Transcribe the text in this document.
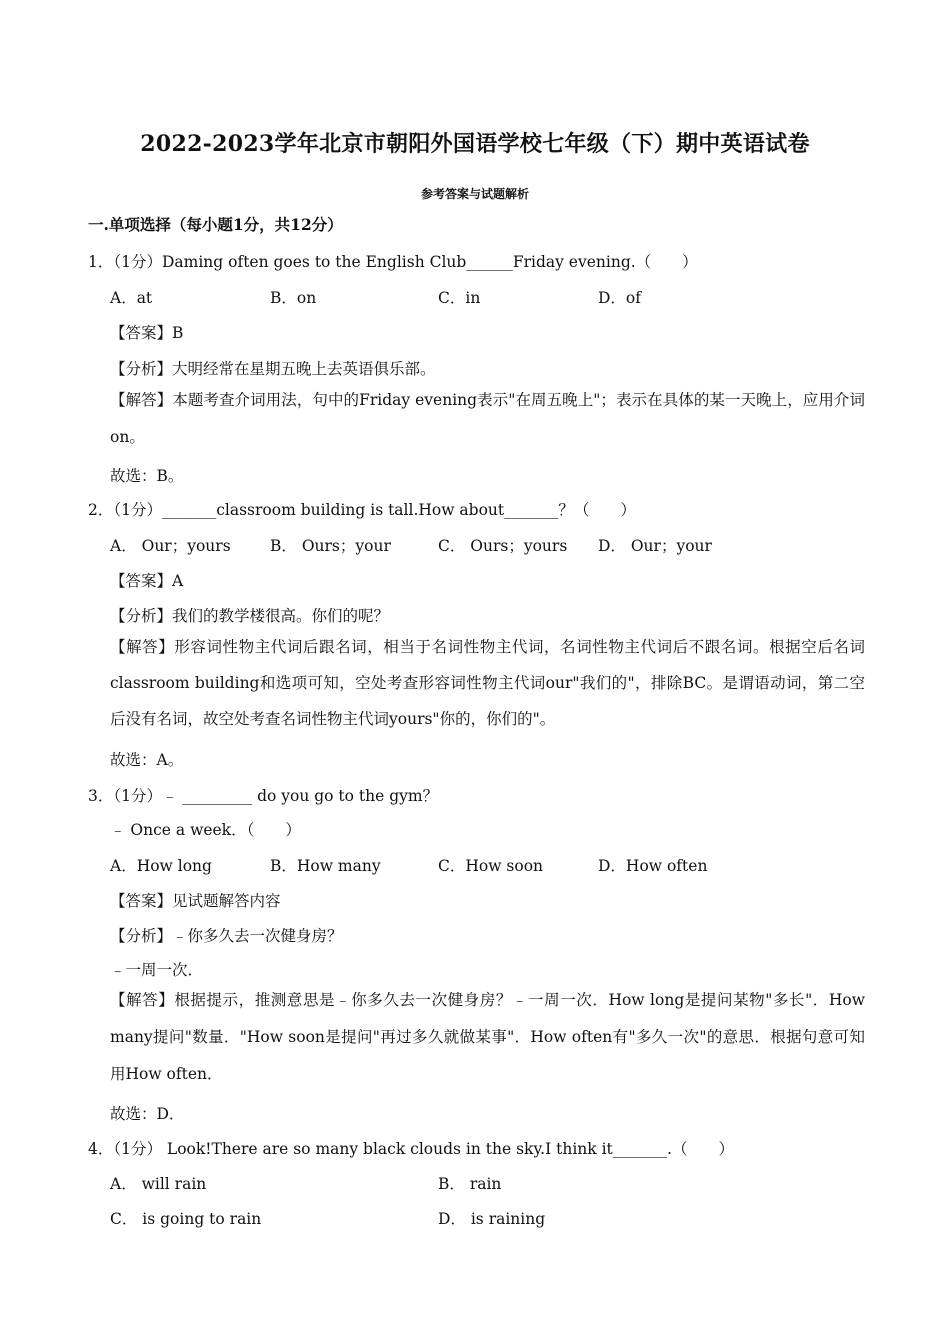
2022-2023学年北京市朝阳外国语学校七年级（下）期中英语试卷
参考答案与试题解析
一.单项选择（每小题1分，共12分）
1．（1分）Daming often goes to the English Club______Friday evening.（　　）
A．at	B．on	C．in	D．of
【答案】B
【分析】大明经常在星期五晚上去英语俱乐部。
【解答】本题考查介词用法，句中的Friday evening表示"在周五晚上"；表示在具体的某一天晚上，应用介词on。
故选：B。
2．（1分）_______classroom building is tall.How about_______？（　　）
A． Our；yours	B． Ours；your	C． Ours；yours D． Our；your
【答案】A
【分析】我们的教学楼很高。你们的呢？
【解答】形容词性物主代词后跟名词，相当于名词性物主代词，名词性物主代词后不跟名词。根据空后名词classroom building和选项可知，空处考查形容词性物主代词our"我们的"，排除BC。是谓语动词，第二空后没有名词，故空处考查名词性物主代词yours"你的，你们的"。
故选：A。
3．（1分）﹣ _________ do you go to the gym？
﹣ Once a week．（　　）
A．How long	B．How many	C．How soon	D．How often
【答案】见试题解答内容
【分析】﹣你多久去一次健身房？
﹣一周一次．
【解答】根据提示，推测意思是﹣你多久去一次健身房？﹣一周一次．How long是提问某物"多长"．How many提问"数量．"How soon是提问"再过多久就做某事"．How often有"多久一次"的意思．根据句意可知用How often．
故选：D．
4．（1分） Look!There are so many black clouds in the sky.I think it_______.（　　）
A． will rain	B． rain
C． is going to rain	D． is raining
